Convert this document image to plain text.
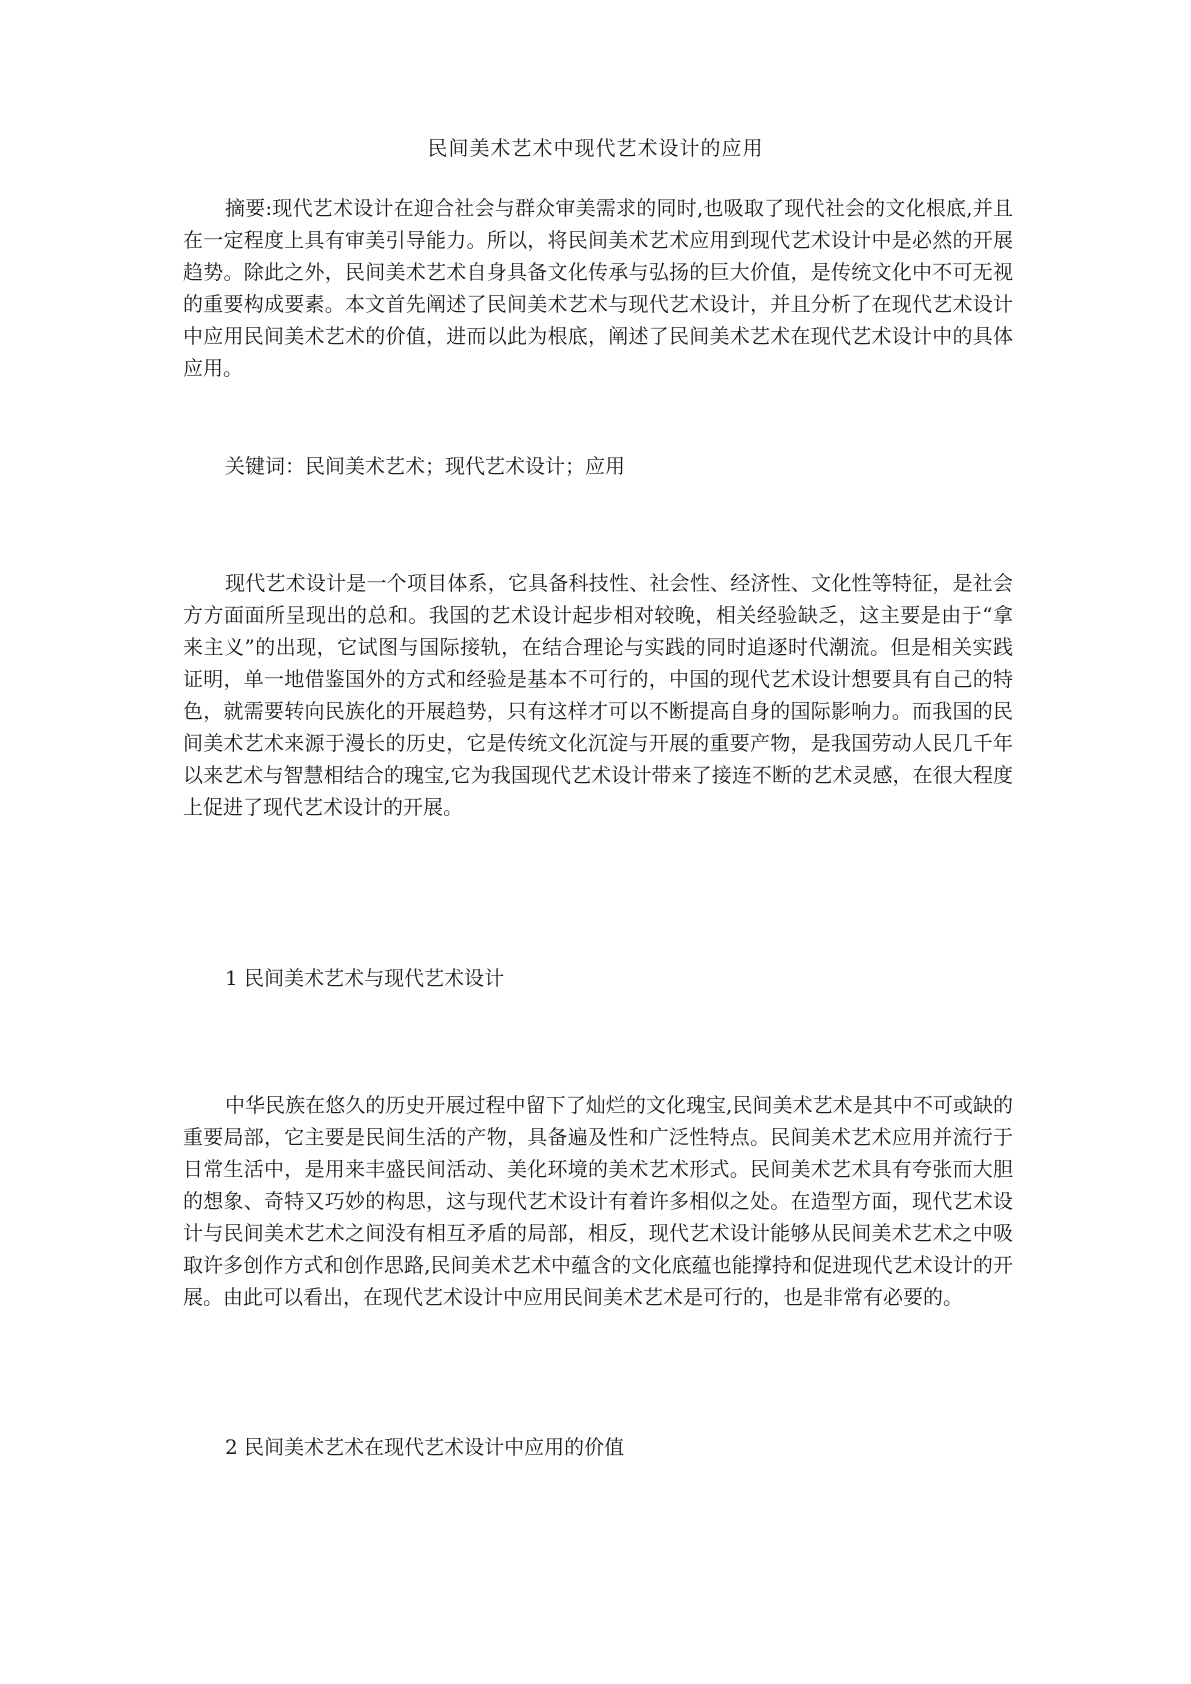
民间美术艺术中现代艺术设计的应用

摘要:现代艺术设计在迎合社会与群众审美需求的同时,也吸取了现代社会的文化根底,并且在一定程度上具有审美引导能力。所以，将民间美术艺术应用到现代艺术设计中是必然的开展趋势。除此之外，民间美术艺术自身具备文化传承与弘扬的巨大价值，是传统文化中不可无视的重要构成要素。本文首先阐述了民间美术艺术与现代艺术设计，并且分析了在现代艺术设计中应用民间美术艺术的价值，进而以此为根底，阐述了民间美术艺术在现代艺术设计中的具体应用。

关键词：民间美术艺术；现代艺术设计；应用

现代艺术设计是一个项目体系，它具备科技性、社会性、经济性、文化性等特征，是社会方方面面所呈现出的总和。我国的艺术设计起步相对较晚，相关经验缺乏，这主要是由于“拿来主义”的出现，它试图与国际接轨，在结合理论与实践的同时追逐时代潮流。但是相关实践证明，单一地借鉴国外的方式和经验是基本不可行的，中国的现代艺术设计想要具有自己的特色，就需要转向民族化的开展趋势，只有这样才可以不断提高自身的国际影响力。而我国的民间美术艺术来源于漫长的历史，它是传统文化沉淀与开展的重要产物，是我国劳动人民几千年以来艺术与智慧相结合的瑰宝,它为我国现代艺术设计带来了接连不断的艺术灵感，在很大程度上促进了现代艺术设计的开展。

1 民间美术艺术与现代艺术设计

中华民族在悠久的历史开展过程中留下了灿烂的文化瑰宝,民间美术艺术是其中不可或缺的重要局部，它主要是民间生活的产物，具备遍及性和广泛性特点。民间美术艺术应用并流行于日常生活中，是用来丰盛民间活动、美化环境的美术艺术形式。民间美术艺术具有夸张而大胆的想象、奇特又巧妙的构思，这与现代艺术设计有着许多相似之处。在造型方面，现代艺术设计与民间美术艺术之间没有相互矛盾的局部，相反，现代艺术设计能够从民间美术艺术之中吸取许多创作方式和创作思路,民间美术艺术中蕴含的文化底蕴也能撑持和促进现代艺术设计的开展。由此可以看出，在现代艺术设计中应用民间美术艺术是可行的，也是非常有必要的。

2 民间美术艺术在现代艺术设计中应用的价值
